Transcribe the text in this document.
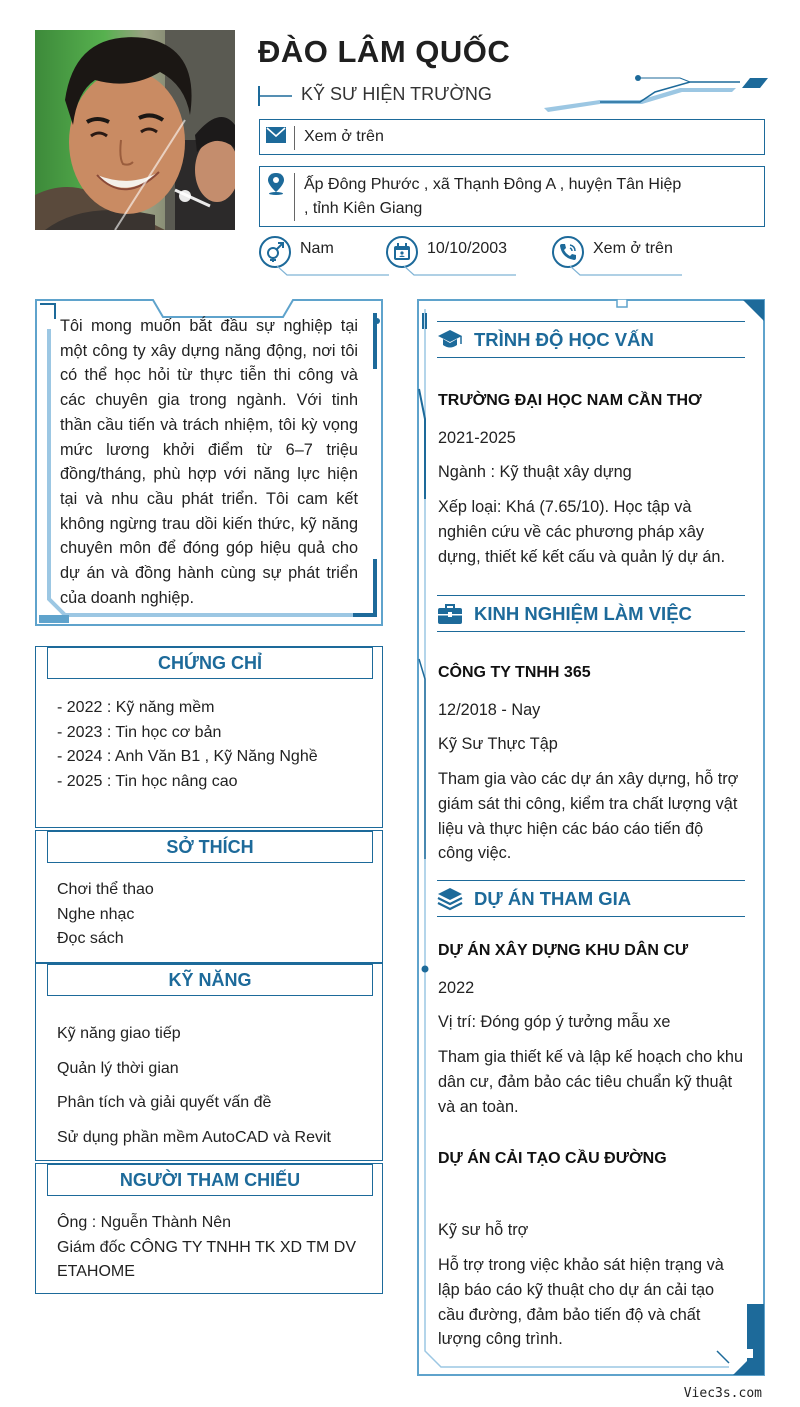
ĐÀO LÂM QUỐC
KỸ SƯ HIỆN TRƯỜNG
Xem ở trên
Ấp Đông Phước , xã Thạnh Đông A , huyện Tân Hiệp , tỉnh Kiên Giang
Nam	10/10/2003	Xem ở trên
Tôi mong muốn bắt đầu sự nghiệp tại một công ty xây dựng năng động, nơi tôi có thể học hỏi từ thực tiễn thi công và các chuyên gia trong ngành. Với tinh thần cầu tiến và trách nhiệm, tôi kỳ vọng mức lương khởi điểm từ 6–7 triệu đồng/tháng, phù hợp với năng lực hiện tại và nhu cầu phát triển. Tôi cam kết không ngừng trau dồi kiến thức, kỹ năng chuyên môn để đóng góp hiệu quả cho dự án và đồng hành cùng sự phát triển của doanh nghiệp.
CHỨNG CHỈ
- 2022 : Kỹ năng mềm
- 2023 : Tin học cơ bản
- 2024 : Anh Văn B1 , Kỹ Năng Nghề
- 2025 : Tin học nâng cao
SỞ THÍCH
Chơi thể thao
Nghe nhạc
Đọc sách
KỸ NĂNG
Kỹ năng giao tiếp
Quản lý thời gian
Phân tích và giải quyết vấn đề
Sử dụng phần mềm AutoCAD và Revit
NGƯỜI THAM CHIẾU
Ông : Nguễn Thành Nên
Giám đốc CÔNG TY TNHH TK XD TM DV ETAHOME
TRÌNH ĐỘ HỌC VẤN
TRƯỜNG ĐẠI HỌC NAM CẦN THƠ
2021-2025
Ngành : Kỹ thuật xây dựng
Xếp loại: Khá (7.65/10). Học tập và nghiên cứu về các phương pháp xây dựng, thiết kế kết cấu và quản lý dự án.
KINH NGHIỆM LÀM VIỆC
CÔNG TY TNHH 365
12/2018 - Nay
Kỹ Sư Thực Tập
Tham gia vào các dự án xây dựng, hỗ trợ giám sát thi công, kiểm tra chất lượng vật liệu và thực hiện các báo cáo tiến độ công việc.
DỰ ÁN THAM GIA
DỰ ÁN XÂY DỰNG KHU DÂN CƯ
2022
Vị trí: Đóng góp ý tưởng mẫu xe
Tham gia thiết kế và lập kế hoạch cho khu dân cư, đảm bảo các tiêu chuẩn kỹ thuật và an toàn.
DỰ ÁN CẢI TẠO CẦU ĐƯỜNG
Kỹ sư hỗ trợ
Hỗ trợ trong việc khảo sát hiện trạng và lập báo cáo kỹ thuật cho dự án cải tạo cầu đường, đảm bảo tiến độ và chất lượng công trình.
Viec3s.com
